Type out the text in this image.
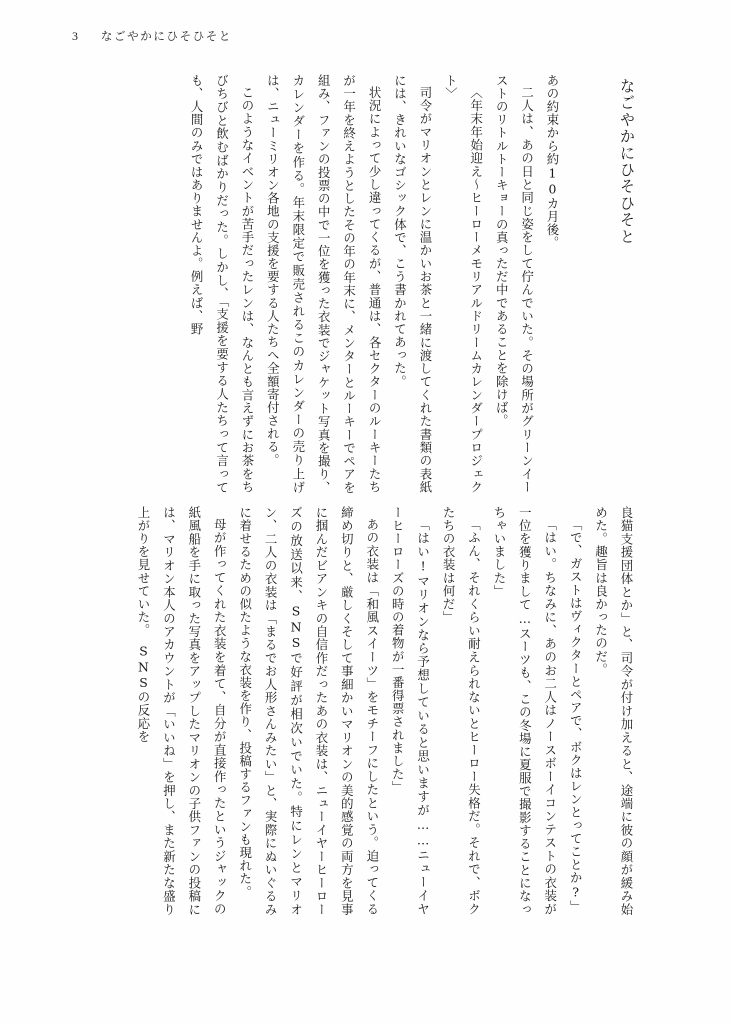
3 なごやかにひそひそと
なごやかにひそひそと

あの約束から約10カ月後。

二人は、あの日と同じ姿をして佇んでいた。その場所がグリーンイーストのリトルトーキョーの真っただ中であることを除けば。

〈年末年始迎え〜ヒーローメモリアルドリームカレンダープロジェクト〉

司令がマリオンとレンに温かいお茶と一緒に渡してくれた書類の表紙には、きれいなゴシック体で、こう書かれてあった。

状況によって少し違ってくるが、普通は、各セクターのルーキーたちが一年を終えようとしたその年の年末に、メンターとルーキーでペアを組み、ファンの投票の中で一位を獲った衣装でジャケット写真を撮り、カレンダーを作る。年末限定で販売されるこのカレンダーの売り上げは、ニューミリオン各地の支援を要する人たちへ全額寄付される。

このようなイベントが苦手だったレンは、なんとも言えずにお茶をちびちびと飲むばかりだった。しかし、「支援を要する人たちって言っても、人間のみではありませんよ。例えば、野

良猫支援団体とか」と、司令が付け加えると、途端に彼の顔が緩み始めた。趣旨は良かったのだ。

「で、ガストはヴィクターとペアで、ボクはレンとってことか?」

「はい。ちなみに、あのお二人はノースボーイコンテストの衣装が一位を獲りまして…スーツも、この冬場に夏服で撮影することになっちゃいました」

「ふん、それくらい耐えられないとヒーロー失格だ。それで、ボクたちの衣装は何だ」

「はい!マリオンなら予想していると思いますが……ニューイヤーヒーローズの時の着物が一番得票されました」

あの衣装は「和風スイーツ」をモチーフにしたという。迫ってくる締め切りと、厳しくそして事細かいマリオンの美的感覚の両方を見事に掴んだビアンキの自信作だったあの衣装は、ニューイヤーヒーローズの放送以来、SNSで好評が相次いでいた。特にレンとマリオン、二人の衣装は「まるでお人形さんみたい」と、実際にぬいぐるみに着せるための似たような衣装を作り、投稿するファンも現れた。

母が作ってくれた衣装を着て、自分が直接作ったというジャックの紙風船を手に取った写真をアップしたマリオンの子供ファンの投稿には、マリオン本人のアカウントが「いいね」を押し、また新たな盛り上がりを見せていた。　SNSの反応を
